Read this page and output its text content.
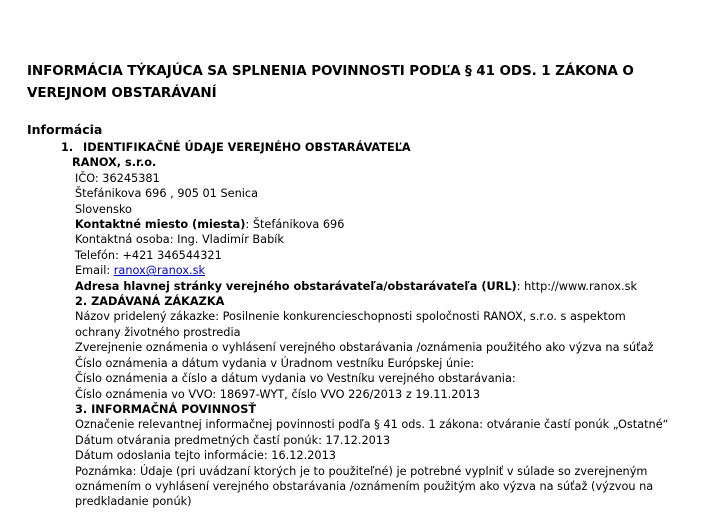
INFORMÁCIA TÝKAJÚCA SA SPLNENIA POVINNOSTI PODĽA § 41 ODS. 1 ZÁKONA O VEREJNOM OBSTARÁVANÍ
Informácia
1. IDENTIFIKAČNÉ ÚDAJE VEREJNÉHO OBSTARÁVATEĽA
RANOX, s.r.o.
IČO: 36245381
Štefánikova 696 , 905 01 Senica
Slovensko
Kontaktné miesto (miesta): Štefánikova 696
Kontaktná osoba: Ing. Vladimír Babík
Telefón: +421 346544321
Email: ranox@ranox.sk
Adresa hlavnej stránky verejného obstarávateľa/obstarávateľa (URL): http://www.ranox.sk
2. ZADÁVANÁ ZÁKAZKA
Názov pridelený zákazke: Posilnenie konkurencieschopnosti spoločnosti RANOX, s.r.o. s aspektom ochrany životného prostredia
Zverejnenie oznámenia o vyhlásení verejného obstarávania /oznámenia použitého ako výzva na súťaž
Číslo oznámenia a dátum vydania v Úradnom vestníku Európskej únie:
Číslo oznámenia a číslo a dátum vydania vo Vestníku verejného obstarávania:
Číslo oznámenia vo VVO: 18697-WYT, číslo VVO 226/2013 z 19.11.2013
3. INFORMAČNÁ POVINNOSŤ
Označenie relevantnej informačnej povinnosti podľa § 41 ods. 1 zákona: otváranie častí ponúk „Ostatné“
Dátum otvárania predmetných častí ponúk: 17.12.2013
Dátum odoslania tejto informácie: 16.12.2013
Poznámka: Údaje (pri uvádzaní ktorých je to použiteľné) je potrebné vyplniť v súlade so zverejneným oznámením o vyhlásení verejného obstarávania /oznámením použitým ako výzva na súťaž (výzvou na predkladanie ponúk)
